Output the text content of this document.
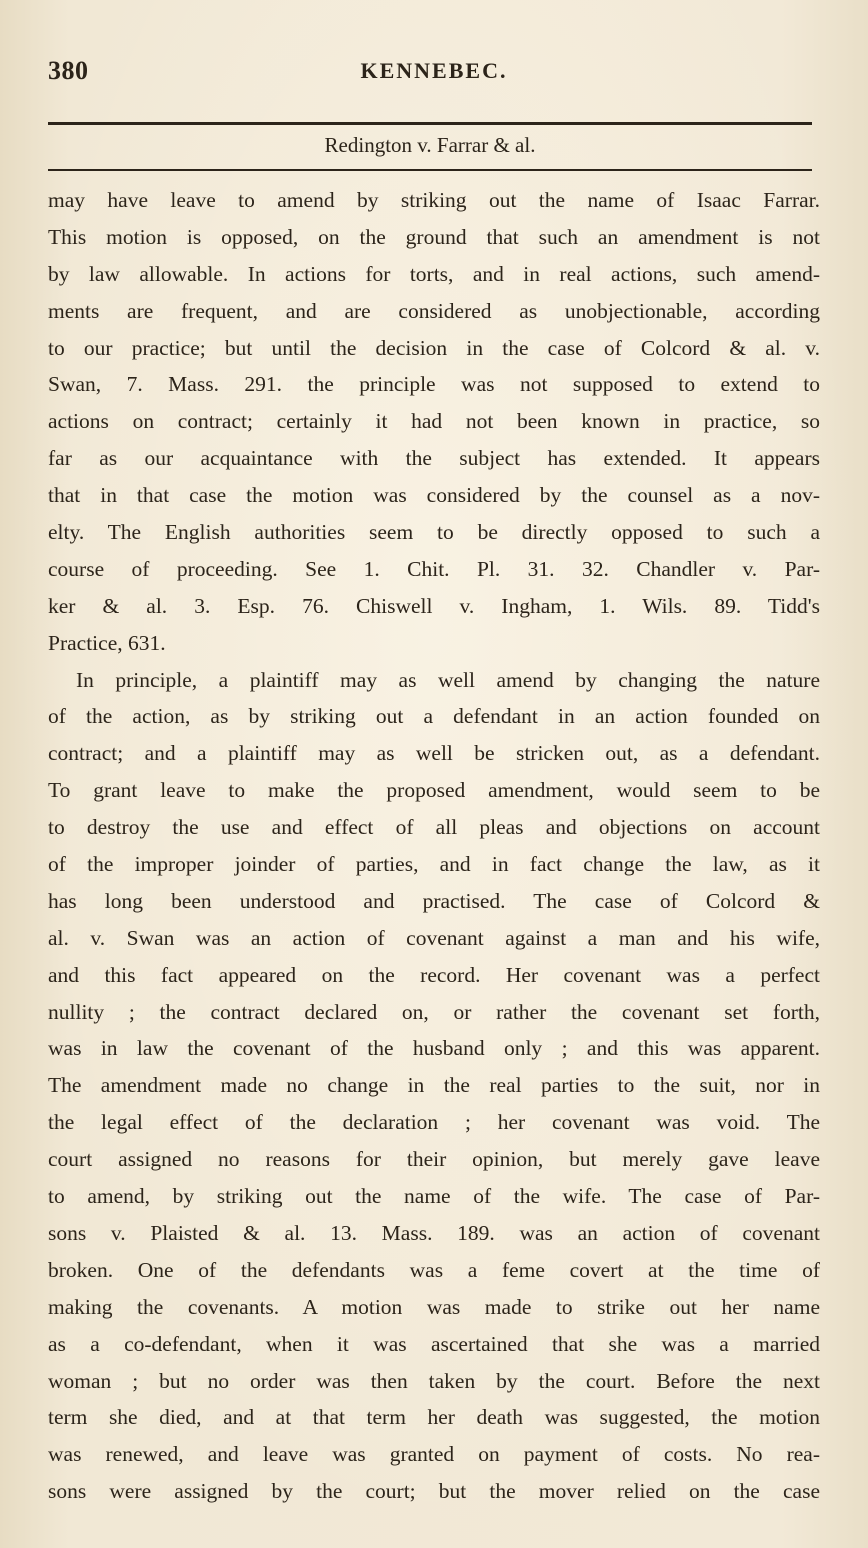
380	KENNEBEC.
Redington v. Farrar & al.
may have leave to amend by striking out the name of Isaac Farrar.
This motion is opposed, on the ground that such an amendment is not
by law allowable. In actions for torts, and in real actions, such amend-
ments are frequent, and are considered as unobjectionable, according
to our practice; but until the decision in the case of Colcord & al. v.
Swan, 7. Mass. 291. the principle was not supposed to extend to
actions on contract; certainly it had not been known in practice, so
far as our acquaintance with the subject has extended. It appears
that in that case the motion was considered by the counsel as a nov-
elty. The English authorities seem to be directly opposed to such a
course of proceeding. See 1. Chit. Pl. 31. 32. Chandler v. Par-
ker & al. 3. Esp. 76. Chiswell v. Ingham, 1. Wils. 89. Tidd's
Practice, 631.
In principle, a plaintiff may as well amend by changing the nature
of the action, as by striking out a defendant in an action founded on
contract; and a plaintiff may as well be stricken out, as a defendant.
To grant leave to make the proposed amendment, would seem to be
to destroy the use and effect of all pleas and objections on account
of the improper joinder of parties, and in fact change the law, as it
has long been understood and practised. The case of Colcord &
al. v. Swan was an action of covenant against a man and his wife,
and this fact appeared on the record. Her covenant was a perfect
nullity ; the contract declared on, or rather the covenant set forth,
was in law the covenant of the husband only ; and this was apparent.
The amendment made no change in the real parties to the suit, nor in
the legal effect of the declaration ; her covenant was void. The
court assigned no reasons for their opinion, but merely gave leave
to amend, by striking out the name of the wife. The case of Par-
sons v. Plaisted & al. 13. Mass. 189. was an action of covenant
broken. One of the defendants was a feme covert at the time of
making the covenants. A motion was made to strike out her name
as a co-defendant, when it was ascertained that she was a married
woman ; but no order was then taken by the court. Before the next
term she died, and at that term her death was suggested, the motion
was renewed, and leave was granted on payment of costs. No rea-
sons were assigned by the court; but the mover relied on the case
